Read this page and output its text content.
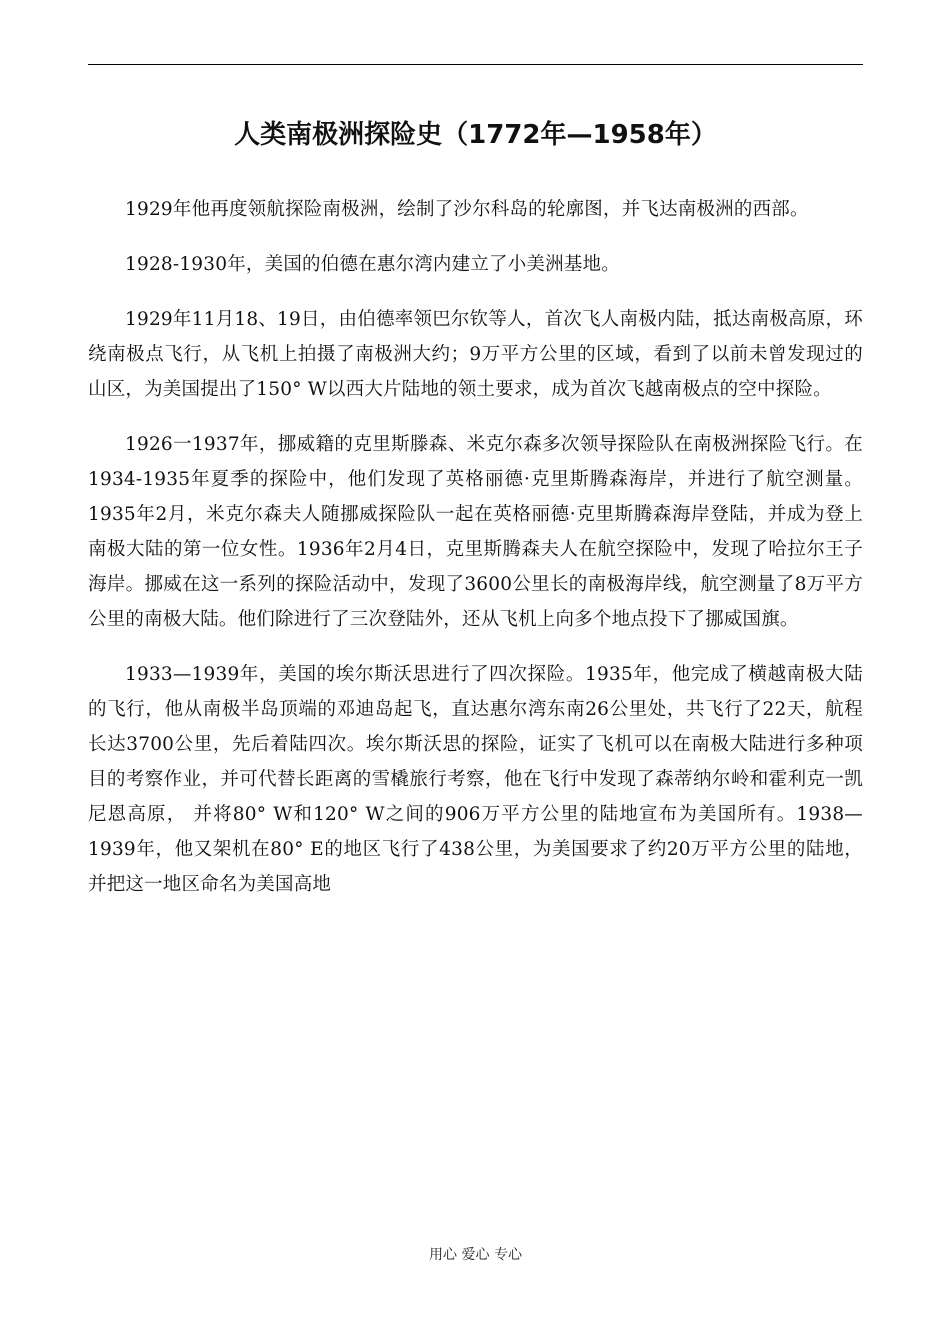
人类南极洲探险史（1772年—1958年）

1929年他再度领航探险南极洲，绘制了沙尔科岛的轮廓图，并飞达南极洲的西部。

1928-1930年，美国的伯德在惠尔湾内建立了小美洲基地。

1929年11月18、19日，由伯德率领巴尔钦等人，首次飞人南极内陆，抵达南极高原，环绕南极点飞行，从飞机上拍摄了南极洲大约；9万平方公里的区域，看到了以前未曾发现过的山区，为美国提出了150° W以西大片陆地的领土要求，成为首次飞越南极点的空中探险。

1926一1937年，挪威籍的克里斯滕森、米克尔森多次领导探险队在南极洲探险飞行。在1934-1935年夏季的探险中，他们发现了英格丽德·克里斯腾森海岸，并进行了航空测量。1935年2月，米克尔森夫人随挪威探险队一起在英格丽德·克里斯腾森海岸登陆，并成为登上南极大陆的第一位女性。1936年2月4日，克里斯腾森夫人在航空探险中，发现了哈拉尔王子海岸。挪威在这一系列的探险活动中，发现了3600公里长的南极海岸线，航空测量了8万平方公里的南极大陆。他们除进行了三次登陆外，还从飞机上向多个地点投下了挪威国旗。

1933—1939年，美国的埃尔斯沃思进行了四次探险。1935年，他完成了横越南极大陆的飞行，他从南极半岛顶端的邓迪岛起飞，直达惠尔湾东南26公里处，共飞行了22天，航程长达3700公里，先后着陆四次。埃尔斯沃思的探险，证实了飞机可以在南极大陆进行多种项目的考察作业，并可代替长距离的雪橇旅行考察，他在飞行中发现了森蒂纳尔岭和霍利克一凯尼恩高原， 并将80° W和120° W之间的906万平方公里的陆地宣布为美国所有。1938—1939年，他又架机在80° E的地区飞行了438公里，为美国要求了约20万平方公里的陆地，并把这一地区命名为美国高地

用心 爱心 专心
